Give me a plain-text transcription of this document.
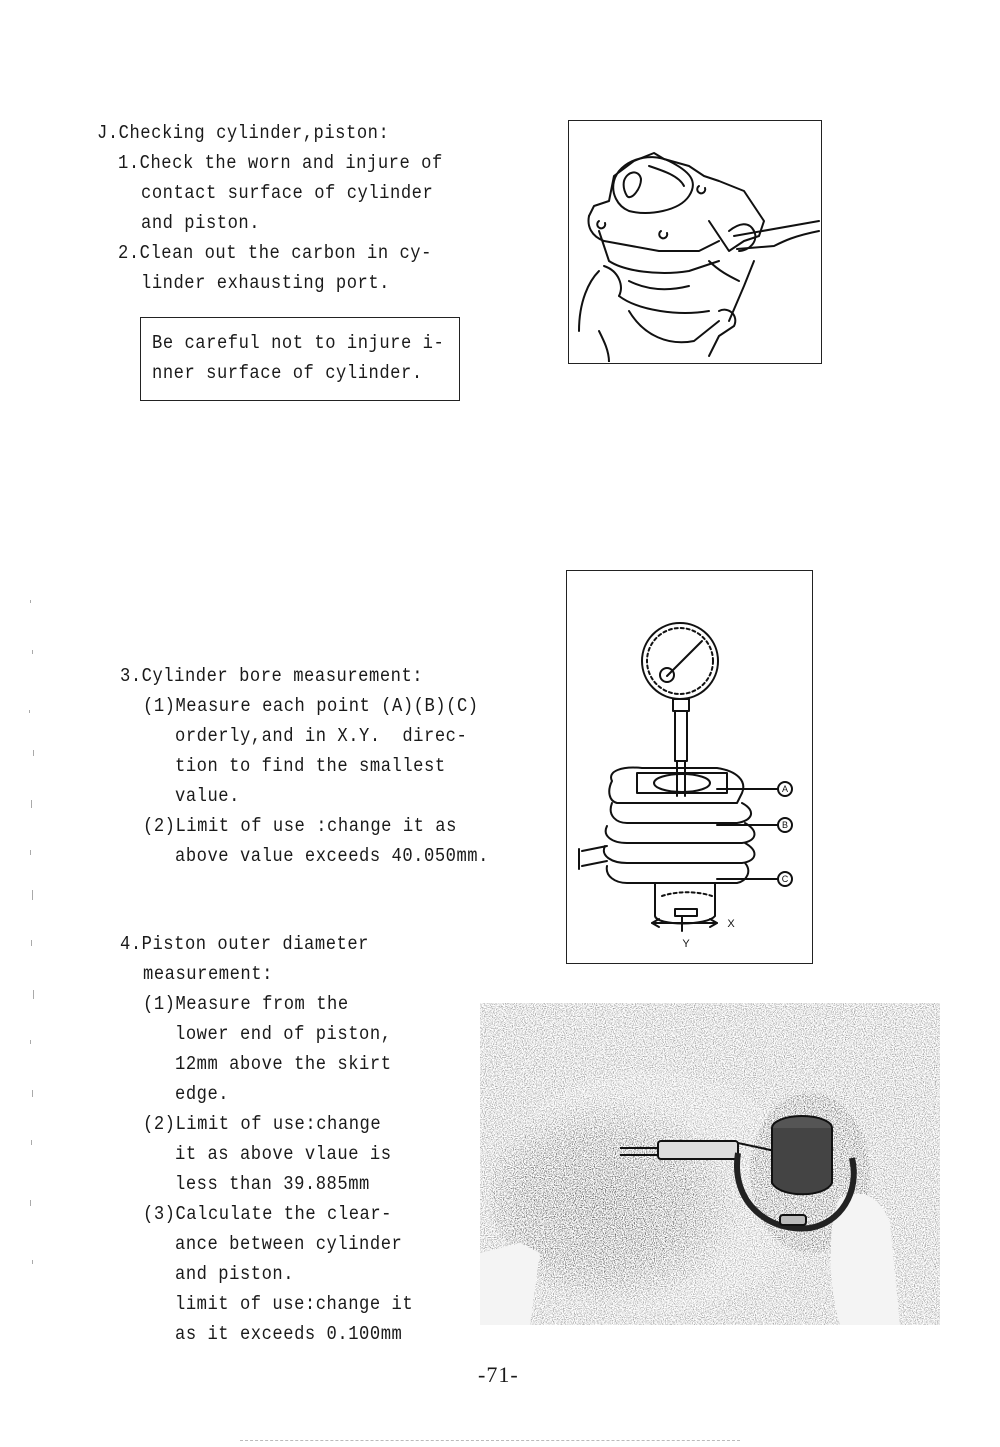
J.Checking cylinder,piston:
1.Check the worn and injure of
contact surface of cylinder
and piston.
2.Clean out the carbon in cy-
linder exhausting port.
Be careful not to injure i-
nner surface of cylinder.
3.Cylinder bore measurement:
(1)Measure each point (A)(B)(C)
orderly,and in X.Y.  direc-
tion to find the smallest
value.
(2)Limit of use :change it as
above value exceeds 40.050mm.
A
B
C
X
Y
4.Piston outer diameter
measurement:
(1)Measure from the
lower end of piston,
12mm above the skirt
edge.
(2)Limit of use:change
it as above vlaue is
less than 39.885mm
(3)Calculate the clear-
ance between cylinder
and piston.
limit of use:change it
as it exceeds 0.100mm
-71-
